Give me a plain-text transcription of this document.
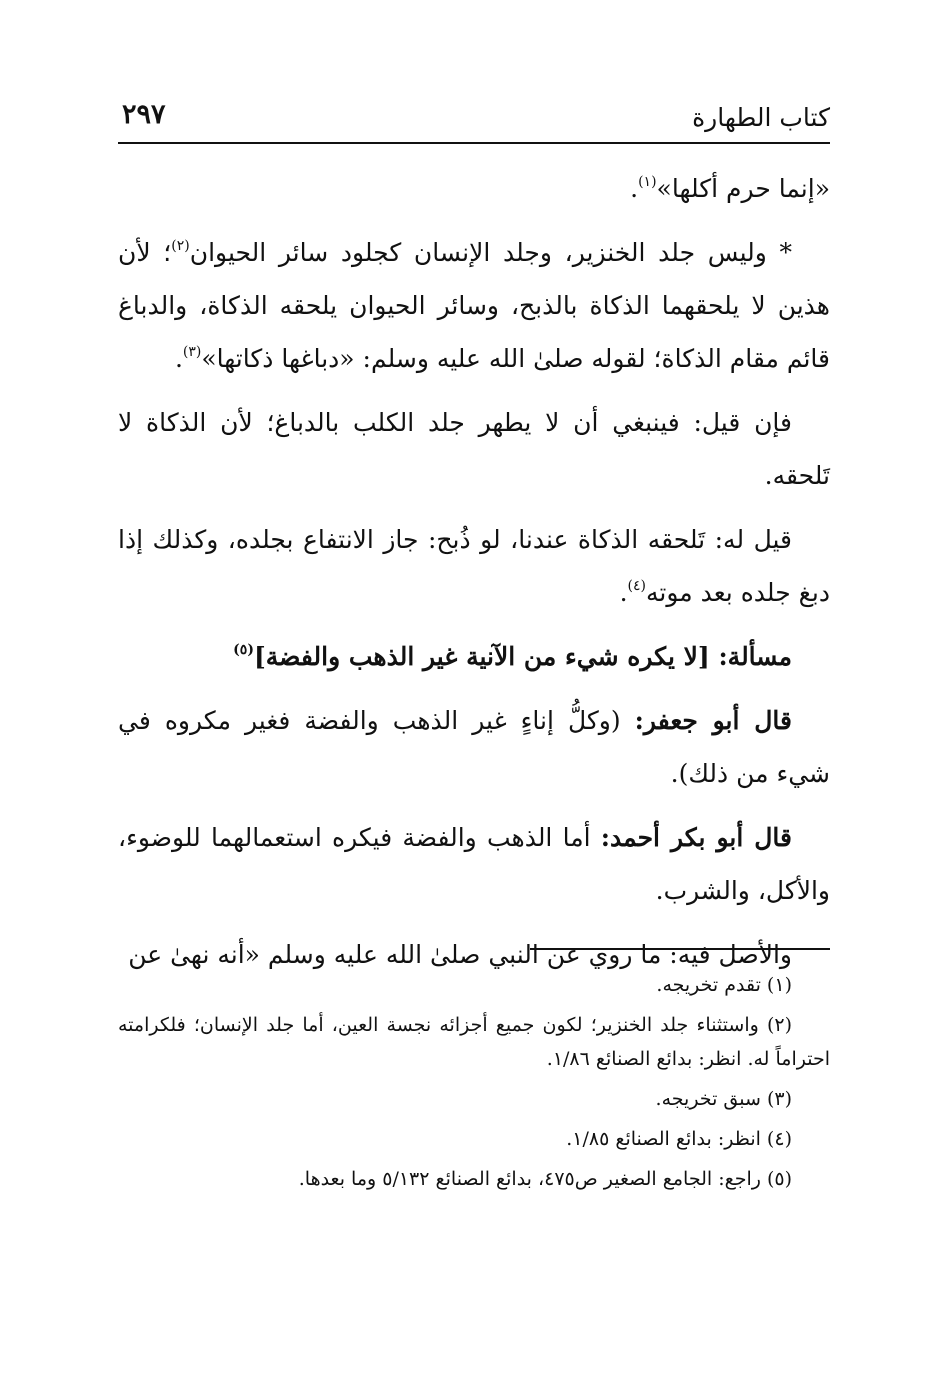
كتاب الطهارة
٢٩٧

«إنما حرم أكلها»$^{(١)}$.

* وليس جلد الخنزير، وجلد الإنسان كجلود سائر الحيوان$^{(٢)}$؛ لأن هذين لا يلحقهما الذكاة بالذبح، وسائر الحيوان يلحقه الذكاة، والدباغ قائم مقام الذكاة؛ لقوله صلىٰ الله عليه وسلم: «دباغها ذكاتها»$^{(٣)}$.

فإن قيل: فينبغي أن لا يطهر جلد الكلب بالدباغ؛ لأن الذكاة لا تَلحقه.

قيل له: تَلحقه الذكاة عندنا، لو ذُبح: جاز الانتفاع بجلده، وكذلك إذا دبغ جلده بعد موته$^{(٤)}$.

مسألة: [لا يكره شيء من الآنية غير الذهب والفضة]$^{(٥)}$

قال أبو جعفر: (وكلُّ إناءٍ غير الذهب والفضة فغير مكروه في شيء من ذلك).

قال أبو بكر أحمد: أما الذهب والفضة فيكره استعمالهما للوضوء، والأكل، والشرب.

والأصل فيه: ما روي عن النبي صلىٰ الله عليه وسلم «أنه نهىٰ عن

(١) تقدم تخريجه.

(٢) واستثناء جلد الخنزير؛ لكون جميع أجزائه نجسة العين، أما جلد الإنسان؛ فلكرامته احتراماً له. انظر: بدائع الصنائع ١/٨٦.

(٣) سبق تخريجه.

(٤) انظر: بدائع الصنائع ١/٨٥.

(٥) راجع: الجامع الصغير ص٤٧٥، بدائع الصنائع ٥/١٣٢ وما بعدها.
